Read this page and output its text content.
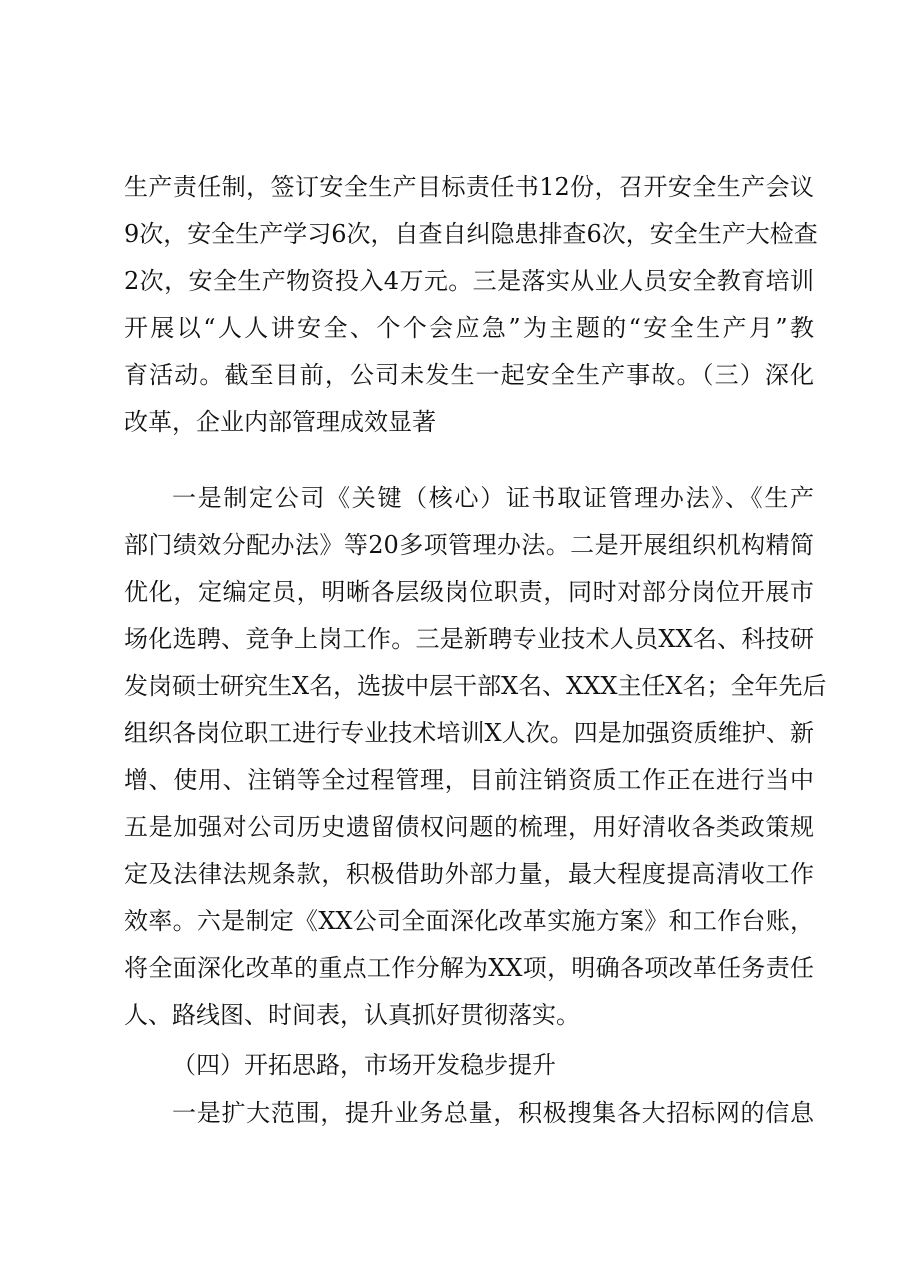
生产责任制，签订安全生产目标责任书12份，召开安全生产会议
9次，安全生产学习6次，自查自纠隐患排查6次，安全生产大检查
2次，安全生产物资投入4万元。三是落实从业人员安全教育培训
开展以“人人讲安全、个个会应急”为主题的“安全生产月”教
育活动。截至目前，公司未发生一起安全生产事故。（三）深化
改革，企业内部管理成效显著
一是制定公司《关键（核心）证书取证管理办法》、《生产
部门绩效分配办法》等20多项管理办法。二是开展组织机构精简
优化，定编定员，明晰各层级岗位职责，同时对部分岗位开展市
场化选聘、竞争上岗工作。三是新聘专业技术人员XX名、科技研
发岗硕士研究生X名，选拔中层干部X名、XXX主任X名；全年先后
组织各岗位职工进行专业技术培训X人次。四是加强资质维护、新
增、使用、注销等全过程管理，目前注销资质工作正在进行当中
五是加强对公司历史遗留债权问题的梳理，用好清收各类政策规
定及法律法规条款，积极借助外部力量，最大程度提高清收工作
效率。六是制定《XX公司全面深化改革实施方案》和工作台账，
将全面深化改革的重点工作分解为XX项，明确各项改革任务责任
人、路线图、时间表，认真抓好贯彻落实。
（四）开拓思路，市场开发稳步提升
一是扩大范围，提升业务总量，积极搜集各大招标网的信息
